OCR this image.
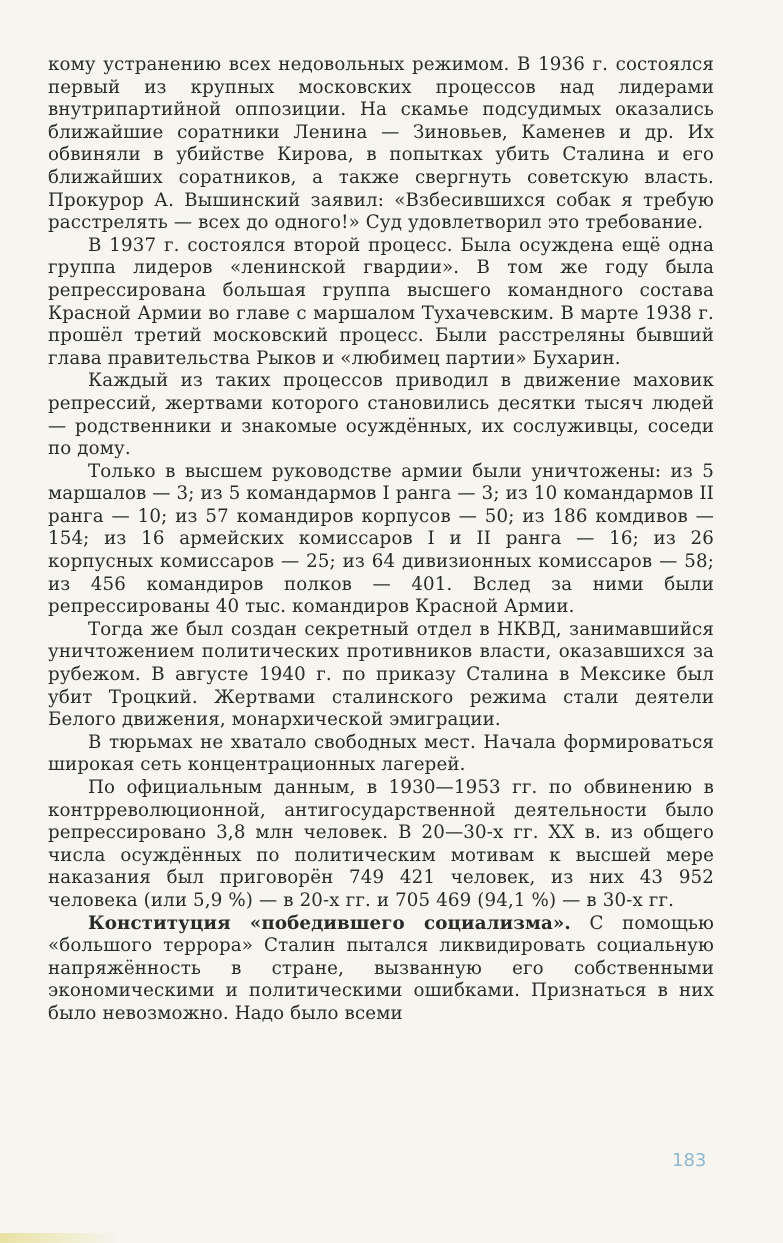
кому устранению всех недовольных режимом. В 1936 г. состоялся первый из крупных московских процессов над лидерами внутрипартийной оппозиции. На скамье подсудимых оказались ближайшие соратники Ленина — Зиновьев, Каменев и др. Их обвиняли в убийстве Кирова, в попытках убить Сталина и его ближайших соратников, а также свергнуть советскую власть. Прокурор А. Вышинский заявил: «Взбесившихся собак я требую расстрелять — всех до одного!» Суд удовлетворил это требование.

В 1937 г. состоялся второй процесс. Была осуждена ещё одна группа лидеров «ленинской гвардии». В том же году была репрессирована большая группа высшего командного состава Красной Армии во главе с маршалом Тухачевским. В марте 1938 г. прошёл третий московский процесс. Были расстреляны бывший глава правительства Рыков и «любимец партии» Бухарин.

Каждый из таких процессов приводил в движение маховик репрессий, жертвами которого становились десятки тысяч людей — родственники и знакомые осуждённых, их сослуживцы, соседи по дому.

Только в высшем руководстве армии были уничтожены: из 5 маршалов — 3; из 5 командармов I ранга — 3; из 10 командармов II ранга — 10; из 57 командиров корпусов — 50; из 186 комдивов — 154; из 16 армейских комиссаров I и II ранга — 16; из 26 корпусных комиссаров — 25; из 64 дивизионных комиссаров — 58; из 456 командиров полков — 401. Вслед за ними были репрессированы 40 тыс. командиров Красной Армии.

Тогда же был создан секретный отдел в НКВД, занимавшийся уничтожением политических противников власти, оказавшихся за рубежом. В августе 1940 г. по приказу Сталина в Мексике был убит Троцкий. Жертвами сталинского режима стали деятели Белого движения, монархической эмиграции.

В тюрьмах не хватало свободных мест. Начала формироваться широкая сеть концентрационных лагерей.

По официальным данным, в 1930—1953 гг. по обвинению в контрреволюционной, антигосударственной деятельности было репрессировано 3,8 млн человек. В 20—30-х гг. XX в. из общего числа осуждённых по политическим мотивам к высшей мере наказания был приговорён 749 421 человек, из них 43 952 человека (или 5,9 %) — в 20-х гг. и 705 469 (94,1 %) — в 30-х гг.

Конституция «победившего социализма». С помощью «большого террора» Сталин пытался ликвидировать социальную напряжённость в стране, вызванную его собственными экономическими и политическими ошибками. Признаться в них было невозможно. Надо было всеми

183
